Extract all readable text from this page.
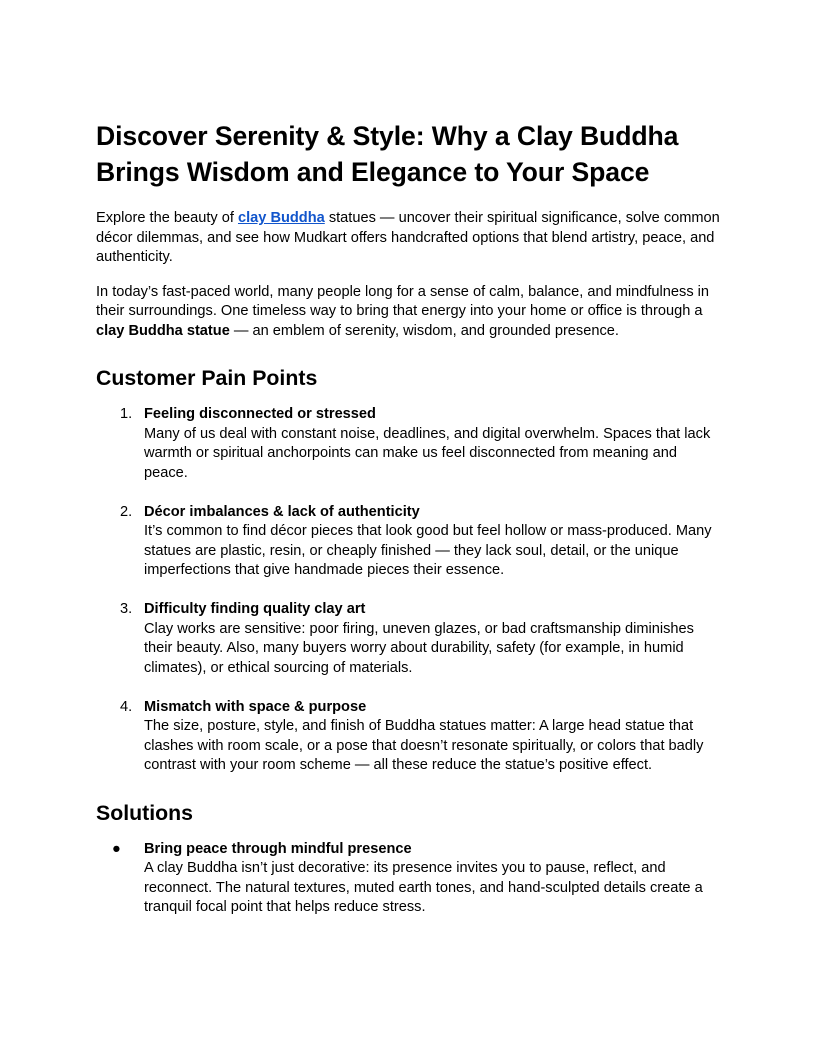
Discover Serenity & Style: Why a Clay Buddha Brings Wisdom and Elegance to Your Space

Explore the beauty of clay Buddha statues — uncover their spiritual significance, solve common décor dilemmas, and see how Mudkart offers handcrafted options that blend artistry, peace, and authenticity.

In today’s fast-paced world, many people long for a sense of calm, balance, and mindfulness in their surroundings. One timeless way to bring that energy into your home or office is through a clay Buddha statue — an emblem of serenity, wisdom, and grounded presence.

Customer Pain Points
1. Feeling disconnected or stressed
Many of us deal with constant noise, deadlines, and digital overwhelm. Spaces that lack warmth or spiritual anchorpoints can make us feel disconnected from meaning and peace.
2. Décor imbalances & lack of authenticity
It’s common to find décor pieces that look good but feel hollow or mass-produced. Many statues are plastic, resin, or cheaply finished — they lack soul, detail, or the unique imperfections that give handmade pieces their essence.
3. Difficulty finding quality clay art
Clay works are sensitive: poor firing, uneven glazes, or bad craftsmanship diminishes their beauty. Also, many buyers worry about durability, safety (for example, in humid climates), or ethical sourcing of materials.
4. Mismatch with space & purpose
The size, posture, style, and finish of Buddha statues matter: A large head statue that clashes with room scale, or a pose that doesn’t resonate spiritually, or colors that badly contrast with your room scheme — all these reduce the statue’s positive effect.
Solutions
● Bring peace through mindful presence
A clay Buddha isn’t just decorative: its presence invites you to pause, reflect, and reconnect. The natural textures, muted earth tones, and hand-sculpted details create a tranquil focal point that helps reduce stress.
